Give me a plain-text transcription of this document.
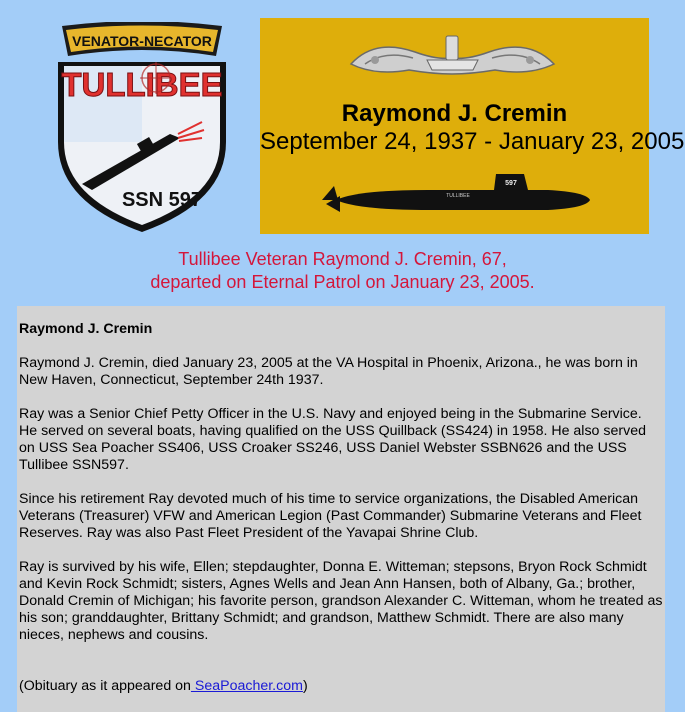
VENATOR-NECATOR
TULLIBEE
SSN 597
Raymond J. Cremin
September 24, 1937 - January 23, 2005
597
TULLIBEE
Tullibee Veteran Raymond J. Cremin, 67,
departed on Eternal Patrol on January 23, 2005.

Raymond J. Cremin

Raymond J. Cremin, died January 23, 2005 at the VA Hospital in Phoenix, Arizona., he was born in New Haven, Connecticut, September 24th 1937.

Ray was a Senior Chief Petty Officer in the U.S. Navy and enjoyed being in the Submarine Service. He served on several boats, having qualified on the USS Quillback (SS424) in 1958. He also served on USS Sea Poacher SS406, USS Croaker SS246, USS Daniel Webster SSBN626 and the USS Tullibee SSN597.

Since his retirement Ray devoted much of his time to service organizations, the Disabled American Veterans (Treasurer) VFW and American Legion (Past Commander) Submarine Veterans and Fleet Reserves. Ray was also Past Fleet President of the Yavapai Shrine Club.

Ray is survived by his wife, Ellen; stepdaughter, Donna E. Witteman; stepsons, Bryon Rock Schmidt and Kevin Rock Schmidt; sisters, Agnes Wells and Jean Ann Hansen, both of Albany, Ga.; brother, Donald Cremin of Michigan; his favorite person, grandson Alexander C. Witteman, whom he treated as his son; granddaughter, Brittany Schmidt; and grandson, Matthew Schmidt. There are also many nieces, nephews and cousins.

(Obituary as it appeared on SeaPoacher.com)
